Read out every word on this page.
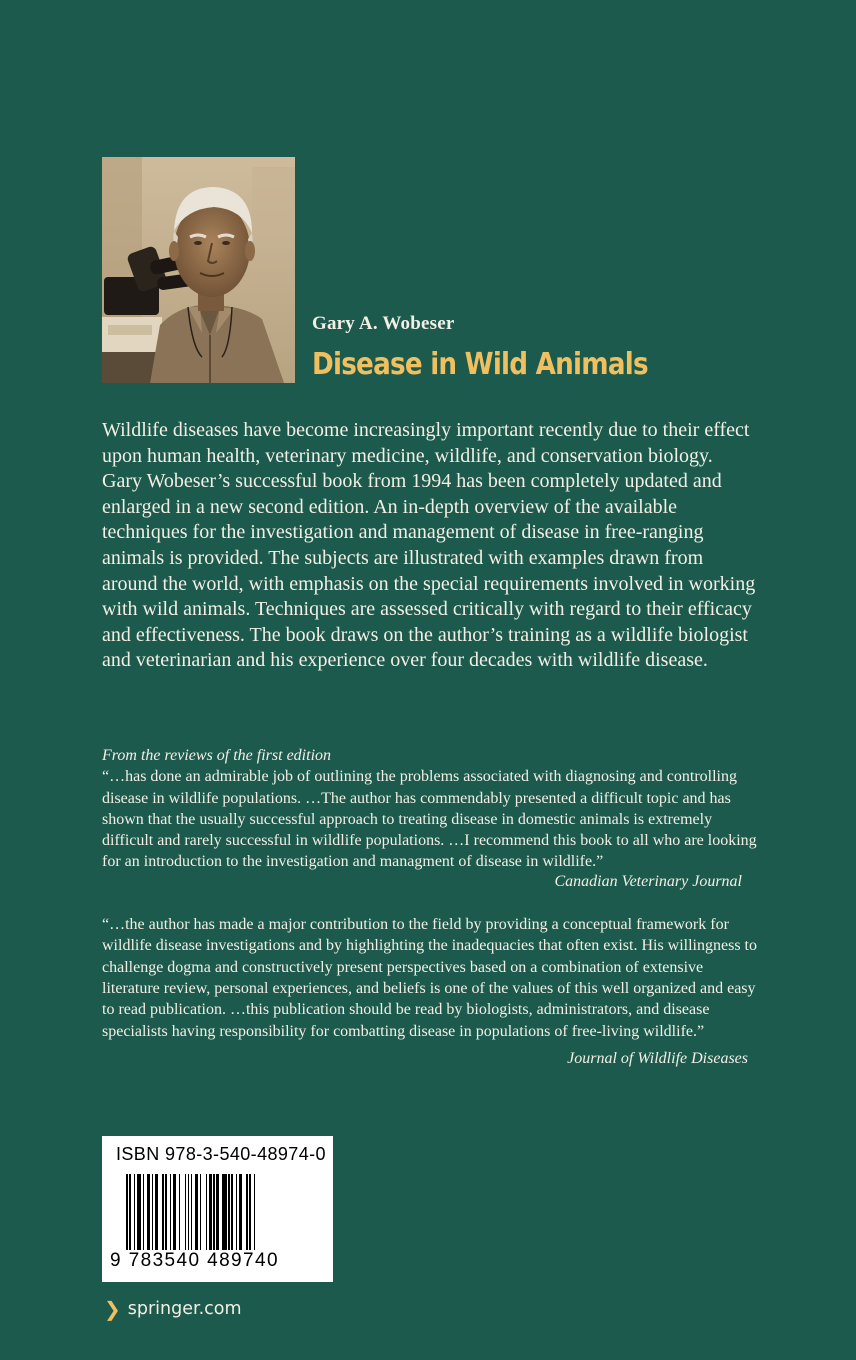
Gary A. Wobeser
Disease in Wild Animals

Wildlife diseases have become increasingly important recently due to their effect upon human health, veterinary medicine, wildlife, and conservation biology.

Gary Wobeser’s successful book from 1994 has been completely updated and enlarged in a new second edition. An in-depth overview of the available techniques for the investigation and management of disease in free-ranging animals is provided. The subjects are illustrated with examples drawn from around the world, with emphasis on the special requirements involved in working with wild animals. Techniques are assessed critically with regard to their efficacy and effectiveness. The book draws on the author’s training as a wildlife biologist and veterinarian and his experience over four decades with wildlife disease.

From the reviews of the first edition

“…has done an admirable job of outlining the problems associated with diagnosing and controlling disease in wildlife populations. …The author has commendably presented a difficult topic and has shown that the usually successful approach to treating disease in domestic animals is extremely difficult and rarely successful in wildlife populations. …I recommend this book to all who are looking for an introduction to the investigation and managment of disease in wildlife.”

Canadian Veterinary Journal

“…the author has made a major contribution to the field by providing a conceptual framework for wildlife disease investigations and by highlighting the inadequacies that often exist. His willingness to challenge dogma and constructively present perspectives based on a combination of extensive literature review, personal experiences, and beliefs is one of the values of this well organized and easy to read publication. …this publication should be read by biologists, administrators, and disease specialists having responsibility for combatting disease in populations of free-living wildlife.”
Journal of Wildlife Diseases

ISBN 978-3-540-48974-0
9 783540 489740
❯ springer.com
